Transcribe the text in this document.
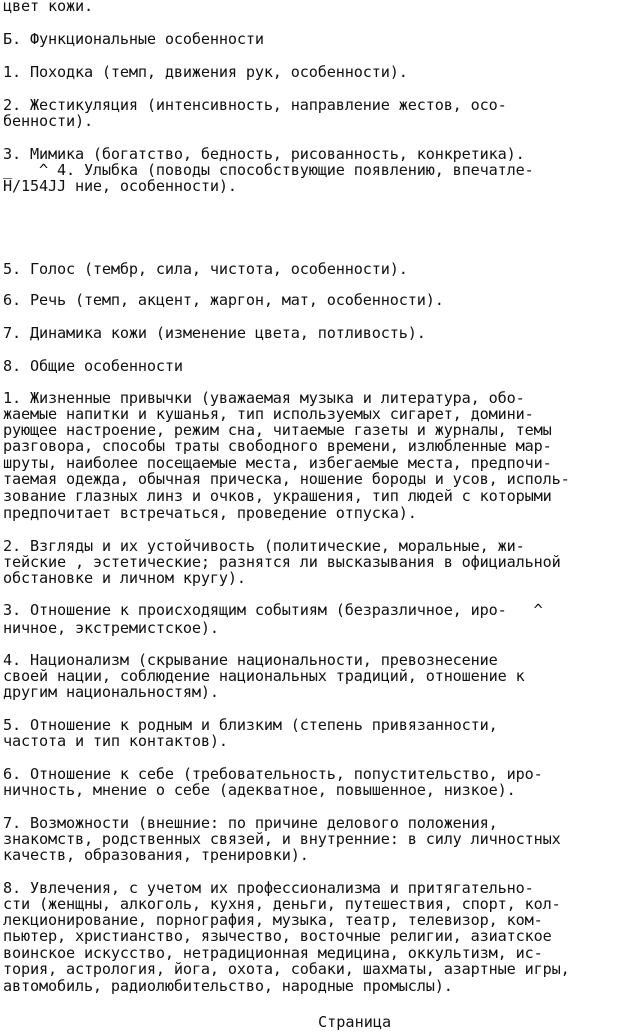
цвет кожи.

Б. Функциональные особенности

1. Походка (темп, движения рук, особенности).

2. Жестикуляция (интенсивность, направление жестов, осо-

бенности).

3. Мимика (богатство, бедность, рисованность, конкретика).

_   ^ 4. Улыбка (поводы способствующие появлению, впечатле-

Н/154JJ ние, особенности).

5. Голос (тембр, сила, чистота, особенности).

6. Речь (темп, акцент, жаргон, мат, особенности).

7. Динамика кожи (изменение цвета, потливость).

8. Общие особенности

1. Жизненные привычки (уважаемая музыка и литература, обо-

жаемые напитки и кушанья, тип используемых сигарет, домини-

рующее настроение, режим сна, читаемые газеты и журналы, темы

разговора, способы траты свободного времени, излюбленные мар-

шруты, наиболее посещаемые места, избегаемые места, предпочи-

таемая одежда, обычная прическа, ношение бороды и усов, исполь-

зование глазных линз и очков, украшения, тип людей с которыми

предпочитает встречаться, проведение отпуска).

2. Взгляды и их устойчивость (политические, моральные, жи-

тейские , эстетические; разнятся ли высказывания в официальной

обстановке и личном кругу).

3. Отношение к происходящим событиям (безразличное, иро-   ^

ничное, экстремистское).

4. Национализм (скрывание национальности, превознесение

своей нации, соблюдение национальных традиций, отношение к

другим национальностям).

5. Отношение к родным и близким (степень привязанности,

частота и тип контактов).

6. Отношение к себе (требовательность, попустительство, иро-

ничность, мнение о себе (адекватное, повышенное, низкое).

7. Возможности (внешние: по причине делового положения,

знакомств, родственных связей, и внутренние: в силу личностных

качеств, образования, тренировки).

8. Увлечения, с учетом их профессионализма и притягательно-

сти (женщны, алкоголь, кухня, деньги, путешествия, спорт, кол-

лекционирование, порнография, музыка, театр, телевизор, ком-

пьютер, христианство, язычество, восточные религии, азиатское

воинское искусство, нетрадиционная медицина, оккультизм, ис-

тория, астрология, йога, охота, собаки, шахматы, азартные игры,

автомобиль, радиолюбительство, народные промыслы).

Страница
